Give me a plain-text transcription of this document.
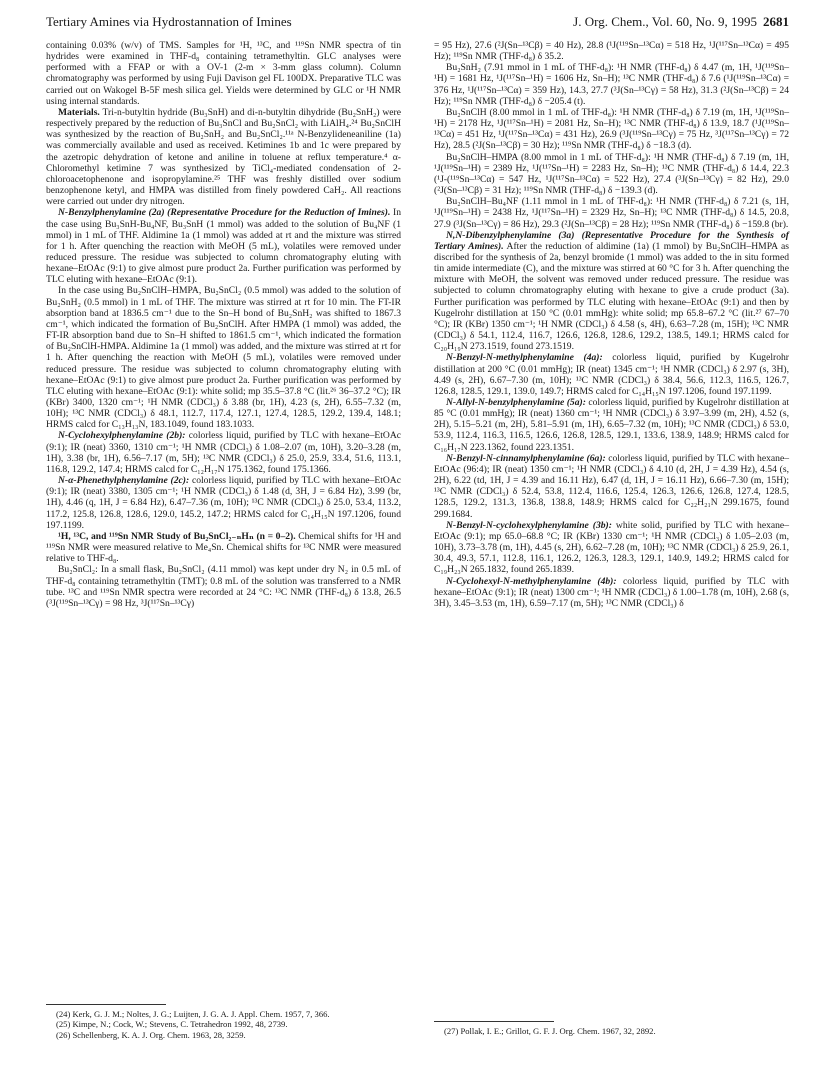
Tertiary Amines via Hydrostannation of Imines	J. Org. Chem., Vol. 60, No. 9, 1995 2681

containing 0.03% (w/v) of TMS. Samples for ¹H, ¹³C, and ¹¹⁹Sn NMR spectra of tin hydrides were examined in THF-d₈ containing tetramethyltin. GLC analyses were performed with a FFAP or with a OV-1 (2-m × 3-mm glass column). Column chromatography was performed by using Fuji Davison gel FL 100DX. Preparative TLC was carried out on Wakogel B-5F mesh silica gel. Yields were determined by GLC or ¹H NMR using internal standards.

Materials. Tri-n-butyltin hydride (Bu₃SnH) and di-n-butyltin dihydride (Bu₂SnH₂) were respectively prepared by the reduction of Bu₃SnCl and Bu₂SnCl₂ with LiAlH₄.²⁴ Bu₂SnClH was synthesized by the reaction of Bu₂SnH₂ and Bu₂SnCl₂.¹¹ᵃ N-Benzylideneaniline (1a) was commercially available and used as received. Ketimines 1b and 1c were prepared by the azetropic dehydration of ketone and aniline in toluene at reflux temperature.⁴ α-Chloromethyl ketimine 7 was synthesized by TiCl₄-mediated condensation of 2-chloroacetophenone and isopropylamine.²⁵ THF was freshly distilled over sodium benzophenone ketyl, and HMPA was distilled from finely powdered CaH₂. All reactions were carried out under dry nitrogen.

N-Benzylphenylamine (2a) (Representative Procedure for the Reduction of Imines). In the case using Bu₃SnH-Bu₄NF, Bu₃SnH (1 mmol) was added to the solution of Bu₄NF (1 mmol) in 1 mL of THF. Aldimine 1a (1 mmol) was added at rt and the mixture was stirred for 1 h. After quenching the reaction with MeOH (5 mL), volatiles were removed under reduced pressure. The residue was subjected to column chromatography eluting with hexane–EtOAc (9:1) to give almost pure product 2a. Further purification was performed by TLC eluting with hexane–EtOAc (9:1).

In the case using Bu₂SnClH–HMPA, Bu₂SnCl₂ (0.5 mmol) was added to the solution of Bu₂SnH₂ (0.5 mmol) in 1 mL of THF. The mixture was stirred at rt for 10 min. The FT-IR absorption band at 1836.5 cm⁻¹ due to the Sn–H bond of Bu₂SnH₂ was shifted to 1867.3 cm⁻¹, which indicated the formation of Bu₂SnClH. After HMPA (1 mmol) was added, the FT-IR absorption band due to Sn–H shifted to 1861.5 cm⁻¹, which indicated the formation of Bu₂SnClH-HMPA. Aldimine 1a (1 mmol) was added, and the mixture was stirred at rt for 1 h. After quenching the reaction with MeOH (5 mL), volatiles were removed under reduced pressure. The residue was subjected to column chromatography eluting with hexane–EtOAc (9:1) to give almost pure product 2a. Further purification was performed by TLC eluting with hexane–EtOAc (9:1): white solid; mp 35.5–37.8 °C (lit.²⁶ 36–37.2 °C); IR (KBr) 3400, 1320 cm⁻¹; ¹H NMR (CDCl₃) δ 3.88 (br, 1H), 4.23 (s, 2H), 6.55–7.32 (m, 10H); ¹³C NMR (CDCl₃) δ 48.1, 112.7, 117.4, 127.1, 127.4, 128.5, 129.2, 139.4, 148.1; HRMS calcd for C₁₃H₁₃N, 183.1049, found 183.1033.

N-Cyclohexylphenylamine (2b): colorless liquid, purified by TLC with hexane–EtOAc (9:1); IR (neat) 3360, 1310 cm⁻¹; ¹H NMR (CDCl₃) δ 1.08–2.07 (m, 10H), 3.20–3.28 (m, 1H), 3.38 (br, 1H), 6.56–7.17 (m, 5H); ¹³C NMR (CDCl₃) δ 25.0, 25.9, 33.4, 51.6, 113.1, 116.8, 129.2, 147.4; HRMS calcd for C₁₂H₁₇N 175.1362, found 175.1366.

N-α-Phenethylphenylamine (2c): colorless liquid, purified by TLC with hexane–EtOAc (9:1); IR (neat) 3380, 1305 cm⁻¹; ¹H NMR (CDCl₃) δ 1.48 (d, 3H, J = 6.84 Hz), 3.99 (br, 1H), 4.46 (q, 1H, J = 6.84 Hz), 6.47–7.36 (m, 10H); ¹³C NMR (CDCl₃) δ 25.0, 53.4, 113.2, 117.2, 125.8, 126.8, 128.6, 129.0, 145.2, 147.2; HRMS calcd for C₁₄H₁₅N 197.1206, found 197.1199.

¹H, ¹³C, and ¹¹⁹Sn NMR Study of Bu₂SnCl₂₋ₙHₙ (n = 0–2). Chemical shifts for ¹H and ¹¹⁹Sn NMR were measured relative to Me₄Sn. Chemical shifts for ¹³C NMR were measured relative to THF-d₈.

Bu₂SnCl₂: In a small flask, Bu₂SnCl₂ (4.11 mmol) was kept under dry N₂ in 0.5 mL of THF-d₈ containing tetramethyltin (TMT); 0.8 mL of the solution was transferred to a NMR tube. ¹³C and ¹¹⁹Sn NMR spectra were recorded at 24 °C: ¹³C NMR (THF-d₈) δ 13.8, 26.5 (³J(¹¹⁹Sn–¹³Cγ) = 98 Hz, ³J(¹¹⁷Sn–¹³Cγ)

= 95 Hz), 27.6 (²J(Sn–¹³Cβ) = 40 Hz), 28.8 (¹J(¹¹⁹Sn–¹³Cα) = 518 Hz, ¹J(¹¹⁷Sn–¹³Cα) = 495 Hz); ¹¹⁹Sn NMR (THF-d₈) δ 35.2.

Bu₂SnH₂ (7.91 mmol in 1 mL of THF-d₈): ¹H NMR (THF-d₈) δ 4.47 (m, 1H, ¹J(¹¹⁹Sn–¹H) = 1681 Hz, ¹J(¹¹⁷Sn–¹H) = 1606 Hz, Sn–H); ¹³C NMR (THF-d₈) δ 7.6 (¹J(¹¹⁹Sn–¹³Cα) = 376 Hz, ¹J(¹¹⁷Sn–¹³Cα) = 359 Hz), 14.3, 27.7 (³J(Sn–¹³Cγ) = 58 Hz), 31.3 (²J(Sn–¹³Cβ) = 24 Hz); ¹¹⁹Sn NMR (THF-d₈) δ −205.4 (t).

Bu₂SnClH (8.00 mmol in 1 mL of THF-d₈): ¹H NMR (THF-d₈) δ 7.19 (m, 1H, ¹J(¹¹⁹Sn–¹H) = 2178 Hz, ¹J(¹¹⁷Sn–¹H) = 2081 Hz, Sn–H); ¹³C NMR (THF-d₈) δ 13.9, 18.7 (¹J(¹¹⁹Sn–¹³Cα) = 451 Hz, ¹J(¹¹⁷Sn–¹³Cα) = 431 Hz), 26.9 (³J(¹¹⁹Sn–¹³Cγ) = 75 Hz, ³J(¹¹⁷Sn–¹³Cγ) = 72 Hz), 28.5 (²J(Sn–¹³Cβ) = 30 Hz); ¹¹⁹Sn NMR (THF-d₈) δ −18.3 (d).

Bu₂SnClH–HMPA (8.00 mmol in 1 mL of THF-d₈): ¹H NMR (THF-d₈) δ 7.19 (m, 1H, ¹J(¹¹⁹Sn–¹H) = 2389 Hz, ¹J(¹¹⁷Sn–¹H) = 2283 Hz, Sn–H); ¹³C NMR (THF-d₈) δ 14.4, 22.3 (¹J-(¹¹⁹Sn–¹³Cα) = 547 Hz, ¹J(¹¹⁷Sn–¹³Cα) = 522 Hz), 27.4 (³J(Sn–¹³Cγ) = 82 Hz), 29.0 (²J(Sn–¹³Cβ) = 31 Hz); ¹¹⁹Sn NMR (THF-d₈) δ −139.3 (d).

Bu₂SnClH–Bu₄NF (1.11 mmol in 1 mL of THF-d₈): ¹H NMR (THF-d₈) δ 7.21 (s, 1H, ¹J(¹¹⁹Sn–¹H) = 2438 Hz, ¹J(¹¹⁷Sn–¹H) = 2329 Hz, Sn–H); ¹³C NMR (THF-d₈) δ 14.5, 20.8, 27.9 (³J(Sn–¹³Cγ) = 86 Hz), 29.3 (²J(Sn–¹³Cβ) = 28 Hz); ¹¹⁹Sn NMR (THF-d₈) δ −159.8 (br).

N,N-Dibenzylphenylamine (3a) (Representative Procedure for the Synthesis of Tertiary Amines). After the reduction of aldimine (1a) (1 mmol) by Bu₂SnClH–HMPA as discribed for the synthesis of 2a, benzyl bromide (1 mmol) was added to the in situ formed tin amide intermediate (C), and the mixture was stirred at 60 °C for 3 h. After quenching the mixture with MeOH, the solvent was removed under reduced pressure. The residue was subjected to column chromatography eluting with hexane to give a crude product (3a). Further purification was performed by TLC eluting with hexane–EtOAc (9:1) and then by Kugelrohr distillation at 150 °C (0.01 mmHg): white solid; mp 65.8–67.2 °C (lit.²⁷ 67–70 °C); IR (KBr) 1350 cm⁻¹; ¹H NMR (CDCl₃) δ 4.58 (s, 4H), 6.63–7.28 (m, 15H); ¹³C NMR (CDCl₃) δ 54.1, 112.4, 116.7, 126.6, 126.8, 128.6, 129.2, 138.5, 149.1; HRMS calcd for C₂₀H₁₉N 273.1519, found 273.1519.

N-Benzyl-N-methylphenylamine (4a): colorless liquid, purified by Kugelrohr distillation at 200 °C (0.01 mmHg); IR (neat) 1345 cm⁻¹; ¹H NMR (CDCl₃) δ 2.97 (s, 3H), 4.49 (s, 2H), 6.67–7.30 (m, 10H); ¹³C NMR (CDCl₃) δ 38.4, 56.6, 112.3, 116.5, 126.7, 126.8, 128.5, 129.1, 139.0, 149.7; HRMS calcd for C₁₄H₁₅N 197.1206, found 197.1199.

N-Allyl-N-benzylphenylamine (5a): colorless liquid, purified by Kugelrohr distillation at 85 °C (0.01 mmHg); IR (neat) 1360 cm⁻¹; ¹H NMR (CDCl₃) δ 3.97–3.99 (m, 2H), 4.52 (s, 2H), 5.15–5.21 (m, 2H), 5.81–5.91 (m, 1H), 6.65–7.32 (m, 10H); ¹³C NMR (CDCl₃) δ 53.0, 53.9, 112.4, 116.3, 116.5, 126.6, 126.8, 128.5, 129.1, 133.6, 138.9, 148.9; HRMS calcd for C₁₆H₁₇N 223.1362, found 223.1351.

N-Benzyl-N-cinnamylphenylamine (6a): colorless liquid, purified by TLC with hexane–EtOAc (96:4); IR (neat) 1350 cm⁻¹; ¹H NMR (CDCl₃) δ 4.10 (d, 2H, J = 4.39 Hz), 4.54 (s, 2H), 6.22 (td, 1H, J = 4.39 and 16.11 Hz), 6.47 (d, 1H, J = 16.11 Hz), 6.66–7.30 (m, 15H); ¹³C NMR (CDCl₃) δ 52.4, 53.8, 112.4, 116.6, 125.4, 126.3, 126.6, 126.8, 127.4, 128.5, 128.5, 129.2, 131.3, 136.8, 138.8, 148.9; HRMS calcd for C₂₂H₂₁N 299.1675, found 299.1684.

N-Benzyl-N-cyclohexylphenylamine (3b): white solid, purified by TLC with hexane–EtOAc (9:1); mp 65.0–68.8 °C; IR (KBr) 1330 cm⁻¹; ¹H NMR (CDCl₃) δ 1.05–2.03 (m, 10H), 3.73–3.78 (m, 1H), 4.45 (s, 2H), 6.62–7.28 (m, 10H); ¹³C NMR (CDCl₃) δ 25.9, 26.1, 30.4, 49.3, 57.1, 112.8, 116.1, 126.2, 126.3, 128.3, 129.1, 140.9, 149.2; HRMS calcd for C₁₉H₂₃N 265.1832, found 265.1839.

N-Cyclohexyl-N-methylphenylamine (4b): colorless liquid, purified by TLC with hexane–EtOAc (9:1); IR (neat) 1300 cm⁻¹; ¹H NMR (CDCl₃) δ 1.00–1.78 (m, 10H), 2.68 (s, 3H), 3.45–3.53 (m, 1H), 6.59–7.17 (m, 5H); ¹³C NMR (CDCl₃) δ

(24) Kerk, G. J. M.; Noltes, J. G.; Luijten, J. G. A. J. Appl. Chem. 1957, 7, 366.
(25) Kimpe, N.; Cock, W.; Stevens, C. Tetrahedron 1992, 48, 2739.
(26) Schellenberg, K. A. J. Org. Chem. 1963, 28, 3259.	(27) Pollak, I. E.; Grillot, G. F. J. Org. Chem. 1967, 32, 2892.
